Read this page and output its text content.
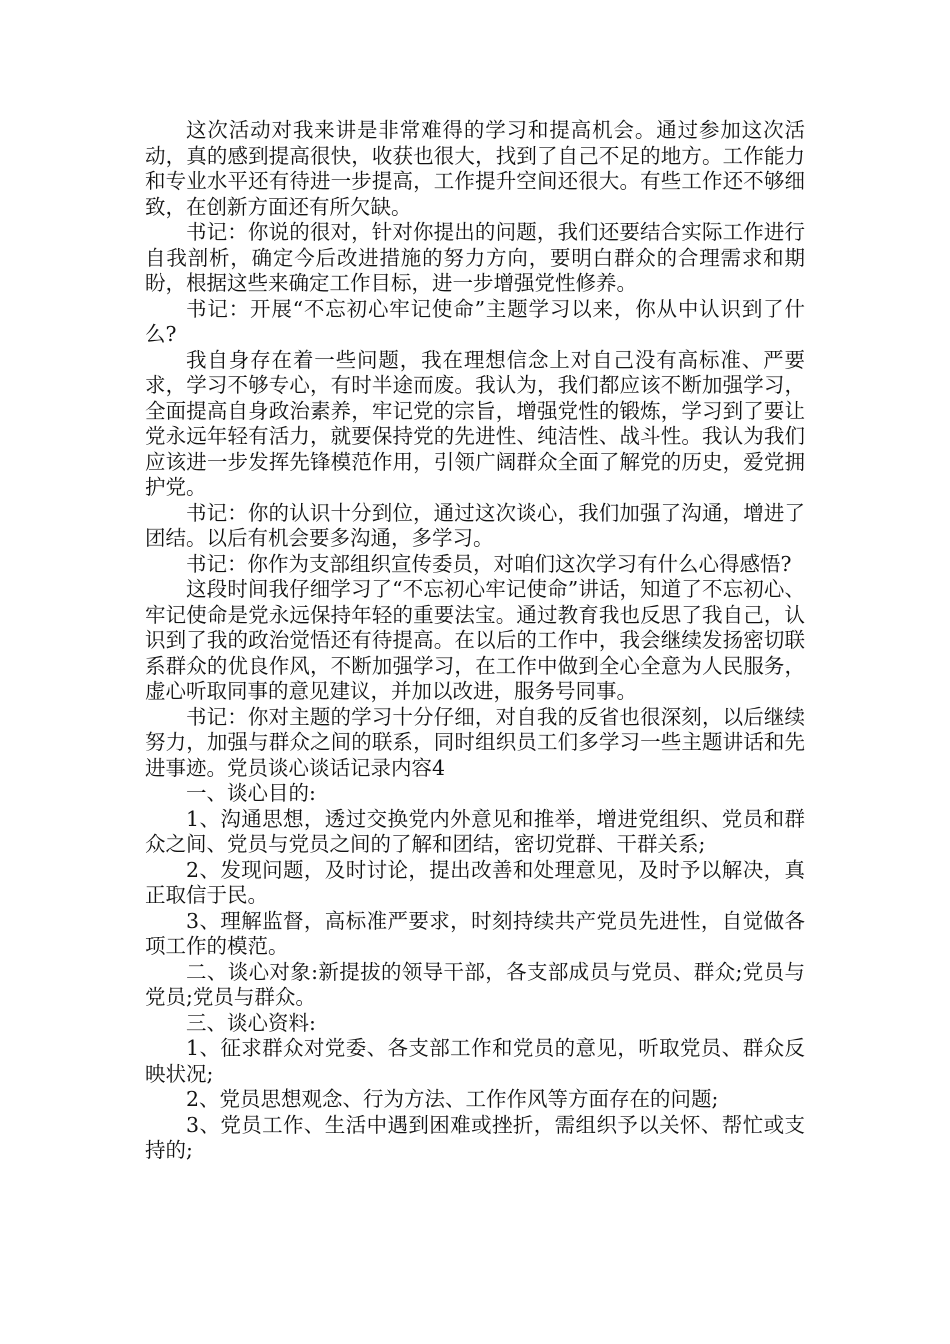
这次活动对我来讲是非常难得的学习和提高机会。通过参加这次活动，真的感到提高很快，收获也很大，找到了自己不足的地方。工作能力和专业水平还有待进一步提高，工作提升空间还很大。有些工作还不够细致，在创新方面还有所欠缺。

书记：你说的很对，针对你提出的问题，我们还要结合实际工作进行自我剖析，确定今后改进措施的努力方向，要明白群众的合理需求和期盼，根据这些来确定工作目标，进一步增强党性修养。

书记：开展“不忘初心牢记使命”主题学习以来，你从中认识到了什么?

我自身存在着一些问题，我在理想信念上对自己没有高标准、严要求，学习不够专心，有时半途而废。我认为，我们都应该不断加强学习，全面提高自身政治素养，牢记党的宗旨，增强党性的锻炼，学习到了要让党永远年轻有活力，就要保持党的先进性、纯洁性、战斗性。我认为我们应该进一步发挥先锋模范作用，引领广阔群众全面了解党的历史，爱党拥护党。

书记：你的认识十分到位，通过这次谈心，我们加强了沟通，增进了团结。以后有机会要多沟通，多学习。

书记：你作为支部组织宣传委员，对咱们这次学习有什么心得感悟?

这段时间我仔细学习了“不忘初心牢记使命”讲话，知道了不忘初心、牢记使命是党永远保持年轻的重要法宝。通过教育我也反思了我自己，认识到了我的政治觉悟还有待提高。在以后的工作中，我会继续发扬密切联系群众的优良作风，不断加强学习，在工作中做到全心全意为人民服务，虚心听取同事的意见建议，并加以改进，服务号同事。

书记：你对主题的学习十分仔细，对自我的反省也很深刻，以后继续努力，加强与群众之间的联系，同时组织员工们多学习一些主题讲话和先进事迹。党员谈心谈话记录内容4

一、谈心目的:

1、沟通思想，透过交换党内外意见和推举，增进党组织、党员和群众之间、党员与党员之间的了解和团结，密切党群、干群关系;

2、发现问题，及时讨论，提出改善和处理意见，及时予以解决，真正取信于民。

3、理解监督，高标准严要求，时刻持续共产党员先进性，自觉做各项工作的模范。

二、谈心对象:新提拔的领导干部，各支部成员与党员、群众;党员与党员;党员与群众。

三、谈心资料:

1、征求群众对党委、各支部工作和党员的意见，听取党员、群众反映状况;

2、党员思想观念、行为方法、工作作风等方面存在的问题;

3、党员工作、生活中遇到困难或挫折，需组织予以关怀、帮忙或支持的;
